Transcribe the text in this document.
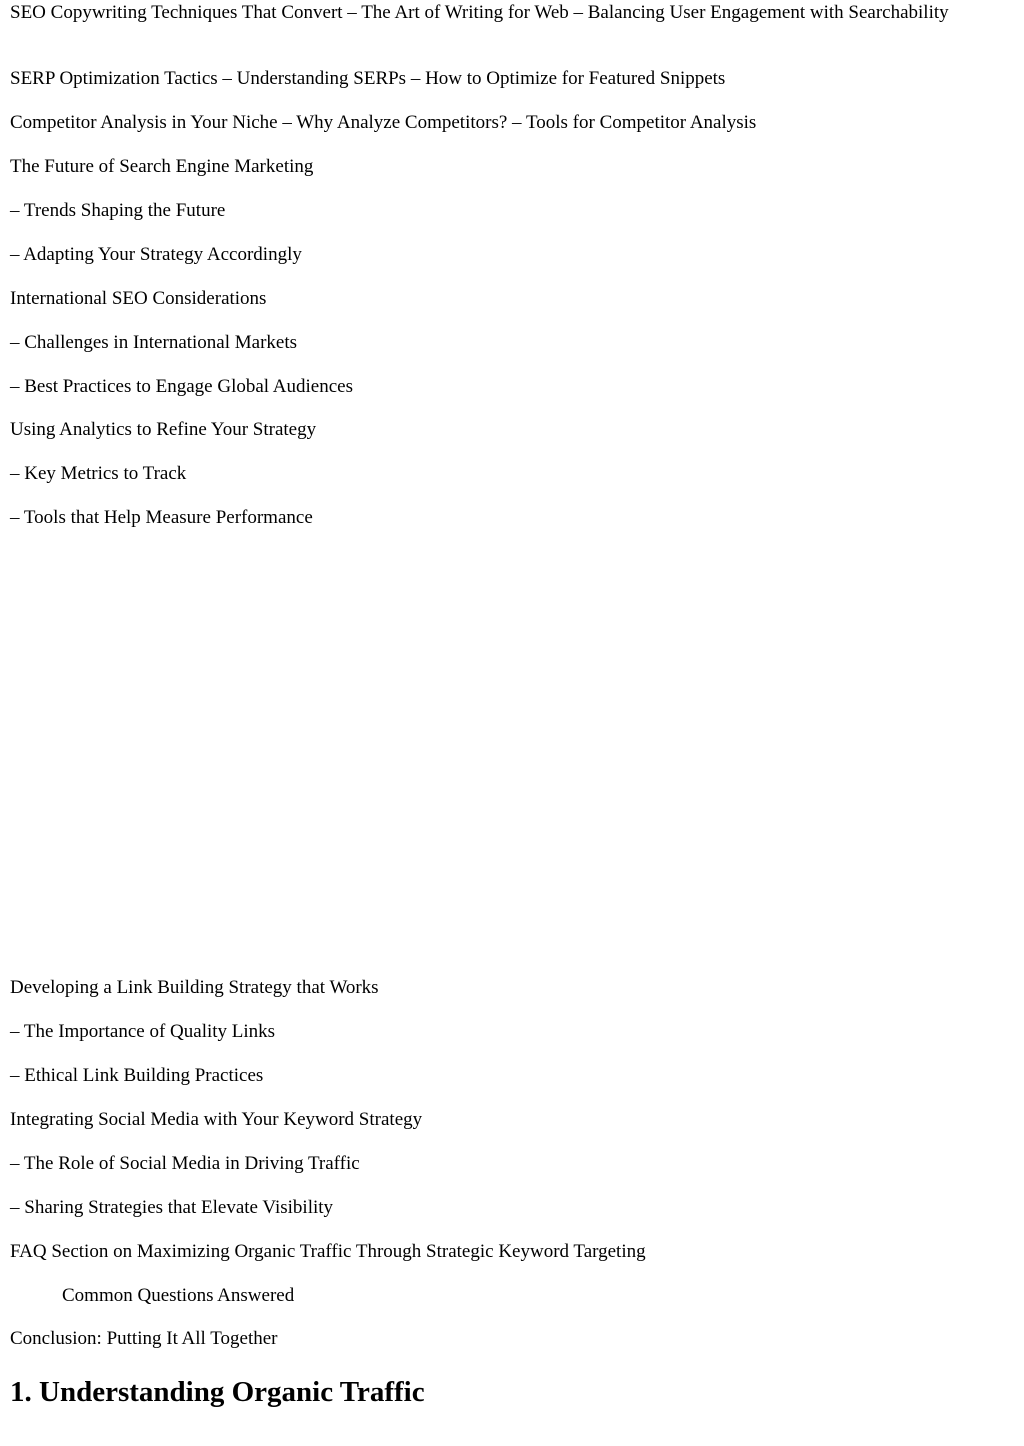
SEO Copywriting Techniques That Convert – The Art of Writing for Web – Balancing User Engagement with Searchability

SERP Optimization Tactics – Understanding SERPs – How to Optimize for Featured Snippets

Competitor Analysis in Your Niche – Why Analyze Competitors? – Tools for Competitor Analysis

The Future of Search Engine Marketing

– Trends Shaping the Future

– Adapting Your Strategy Accordingly

International SEO Considerations

– Challenges in International Markets

– Best Practices to Engage Global Audiences

Using Analytics to Refine Your Strategy

– Key Metrics to Track

– Tools that Help Measure Performance

Developing a Link Building Strategy that Works

– The Importance of Quality Links

– Ethical Link Building Practices

Integrating Social Media with Your Keyword Strategy

– The Role of Social Media in Driving Traffic

– Sharing Strategies that Elevate Visibility

FAQ Section on Maximizing Organic Traffic Through Strategic Keyword Targeting

Common Questions Answered

Conclusion: Putting It All Together

1. Understanding Organic Traffic
